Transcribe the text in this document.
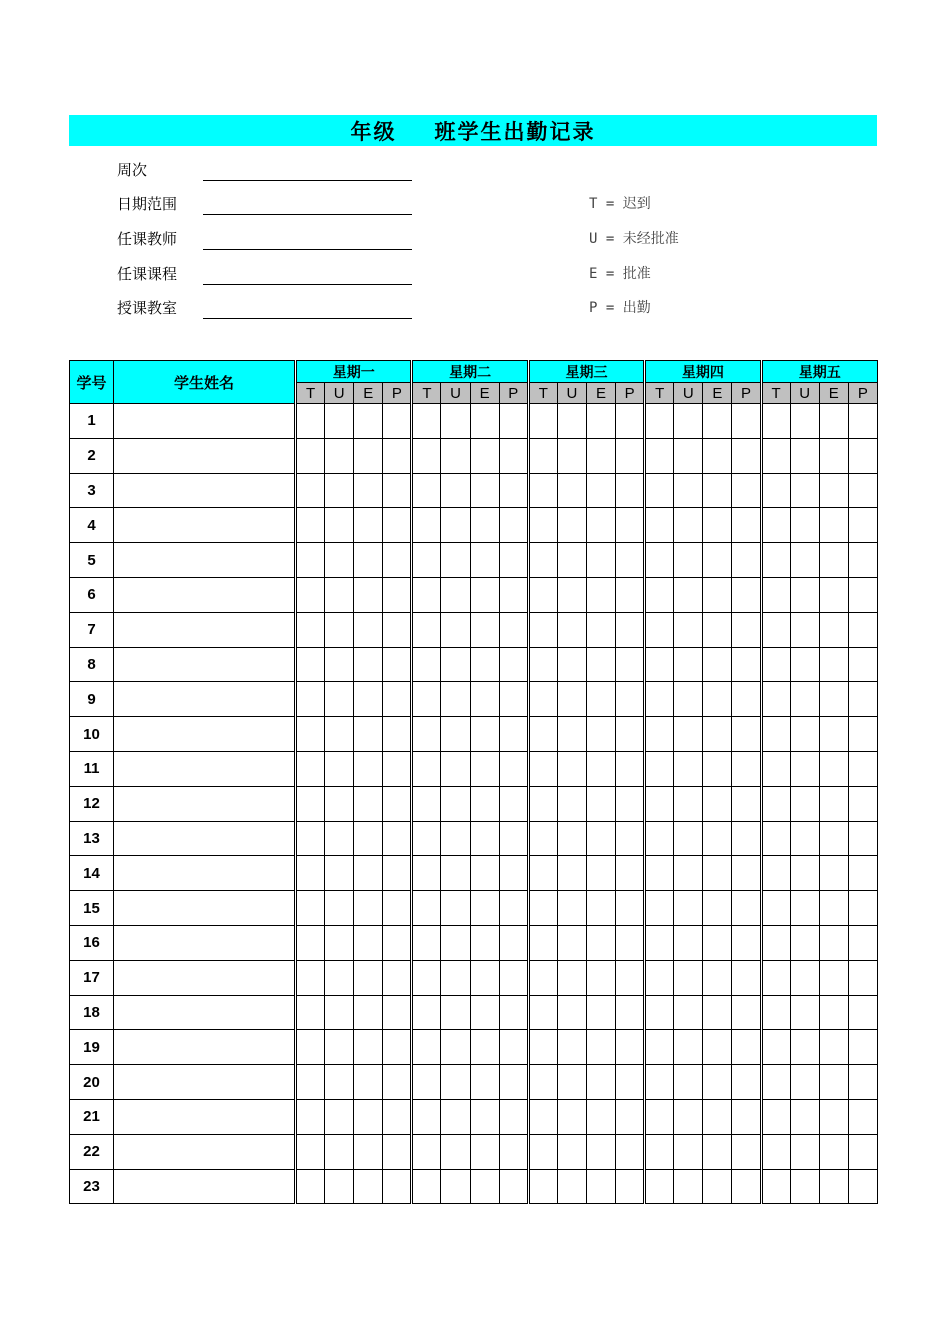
年级 班学生出勤记录
周次
日期范围
任课教师
任课课程
授课教室
T = 迟到
U = 未经批准
E = 批准
P = 出勤
学号	学生姓名	星期一				星期二				星期三				星期四				星期五			
		T	U	E	P	T	U	E	P	T	U	E	P	T	U	E	P	T	U	E	P
1																					
2																					
3																					
4																					
5																					
6																					
7																					
8																					
9																					
10																					
11																					
12																					
13																					
14																					
15																					
16																					
17																					
18																					
19																					
20																					
21																					
22																					
23																					
